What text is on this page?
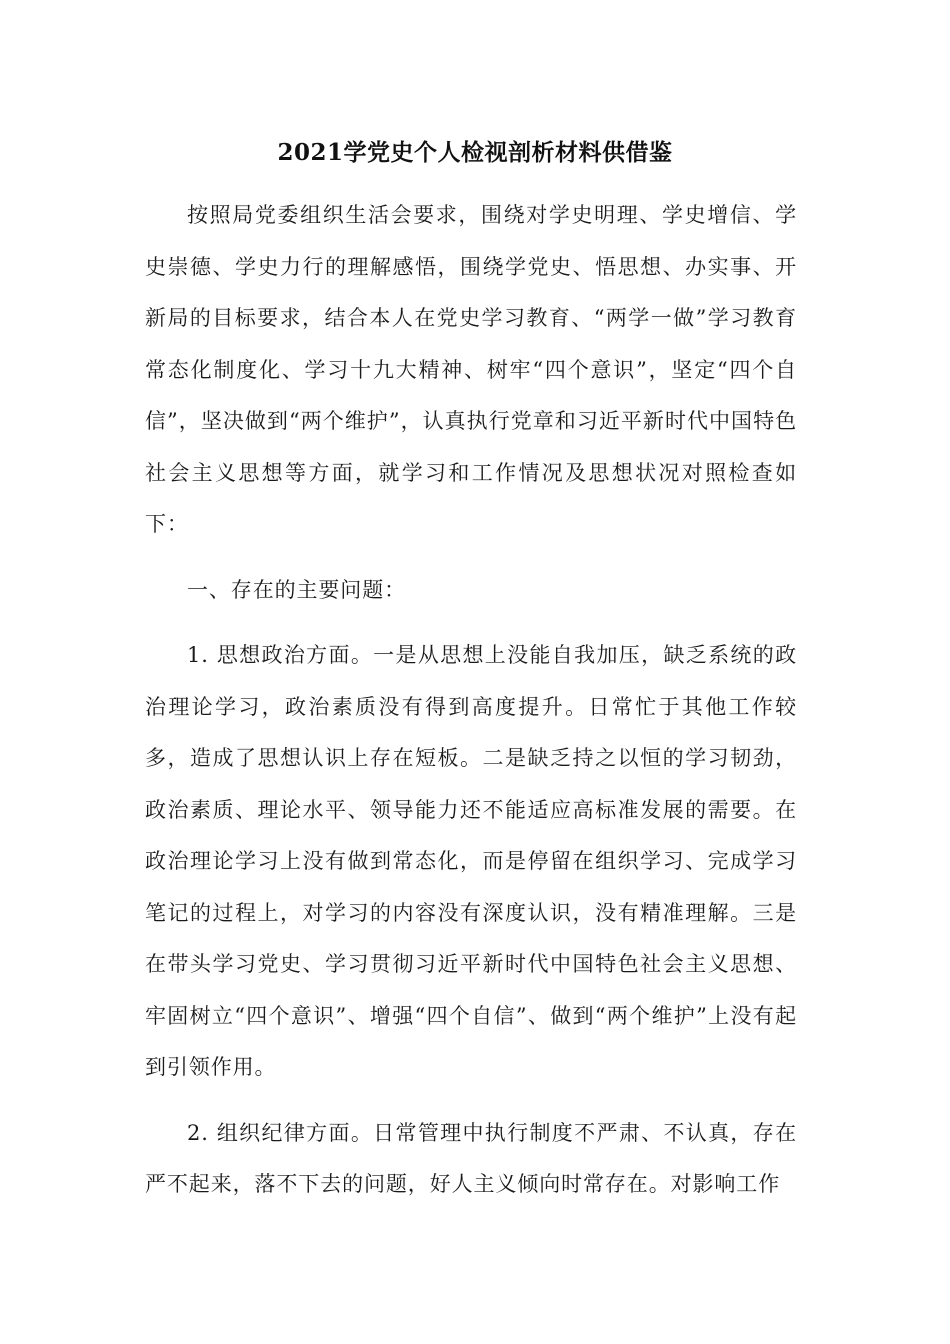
2021学党史个人检视剖析材料供借鉴

按照局党委组织生活会要求，围绕对学史明理、学史增信、学史崇德、学史力行的理解感悟，围绕学党史、悟思想、办实事、开新局的目标要求，结合本人在党史学习教育、“两学一做”学习教育常态化制度化、学习十九大精神、树牢“四个意识”，坚定“四个自信”，坚决做到“两个维护”，认真执行党章和习近平新时代中国特色社会主义思想等方面，就学习和工作情况及思想状况对照检查如下：

一、存在的主要问题：

1. 思想政治方面。一是从思想上没能自我加压，缺乏系统的政治理论学习，政治素质没有得到高度提升。日常忙于其他工作较多，造成了思想认识上存在短板。二是缺乏持之以恒的学习韧劲，政治素质、理论水平、领导能力还不能适应高标准发展的需要。在政治理论学习上没有做到常态化，而是停留在组织学习、完成学习笔记的过程上，对学习的内容没有深度认识，没有精准理解。三是在带头学习党史、学习贯彻习近平新时代中国特色社会主义思想、牢固树立“四个意识”、增强“四个自信”、做到“两个维护”上没有起到引领作用。

2. 组织纪律方面。日常管理中执行制度不严肃、不认真，存在严不起来，落不下去的问题，好人主义倾向时常存在。对影响工作
